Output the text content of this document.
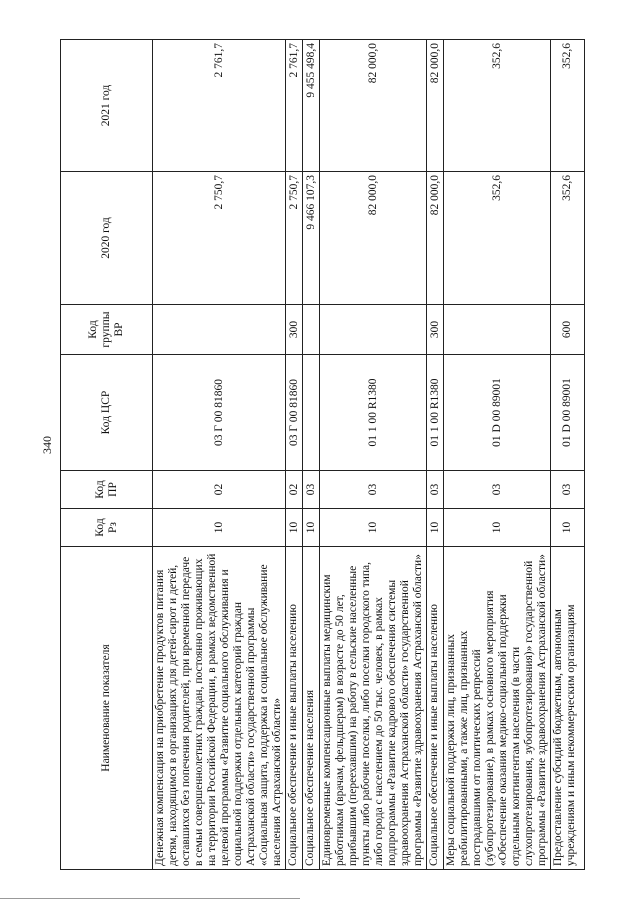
340
Наименование показателя	Код Рз	Код ПР	Код ЦСР	Код группы ВР	2020 год	2021 год
Денежная компенсация на приобретение продуктов питания детям, находящимся в организациях для детей-сирот и детей, оставшихся без попечения родителей, при временной передаче в семьи совершеннолетних граждан, постоянно проживающих на территории Российской Федерации, в рамках ведомственной целевой программы «Развитие социального обслуживания и социальной поддержки отдельных категорий граждан Астраханской области» государственной программы «Социальная защита, поддержка и социальное обслуживание населения Астраханской области»	10	02	03 Г 00 81860		2 750,7	2 761,7
Социальное обеспечение и иные выплаты населению	10	02	03 Г 00 81860	300	2 750,7	2 761,7
Социальное обеспечение населения	10	03			9 466 107,3	9 455 498,4
Единовременные компенсационные выплаты медицинским работникам (врачам, фельдшерам) в возрасте до 50 лет, прибывшим (переехавшим) на работу в сельские населенные пункты либо рабочие поселки, либо поселки городского типа, либо города с населением до 50 тыс. человек, в рамках подпрограммы «Развитие кадрового обеспечения системы здравоохранения Астраханской области» государственной программы «Развитие здравоохранения Астраханской области»	10	03	01 1 00 R1380		82 000,0	82 000,0
Социальное обеспечение и иные выплаты населению	10	03	01 1 00 R1380	300	82 000,0	82 000,0
Меры социальной поддержки лиц, признанных реабилитированными, а также лиц, признанных пострадавшими от политических репрессий (зубопротезирование), в рамках основного мероприятия «Обеспечение оказания медико-социальной поддержки отдельным контингентам населения (в части слухопротезирования, зубопротезирования)» государственной программы «Развитие здравоохранения Астраханской области»	10	03	01 D 00 89001		352,6	352,6
Предоставление субсидий бюджетным, автономным учреждениям и иным некоммерческим организациям	10	03	01 D 00 89001	600	352,6	352,6
